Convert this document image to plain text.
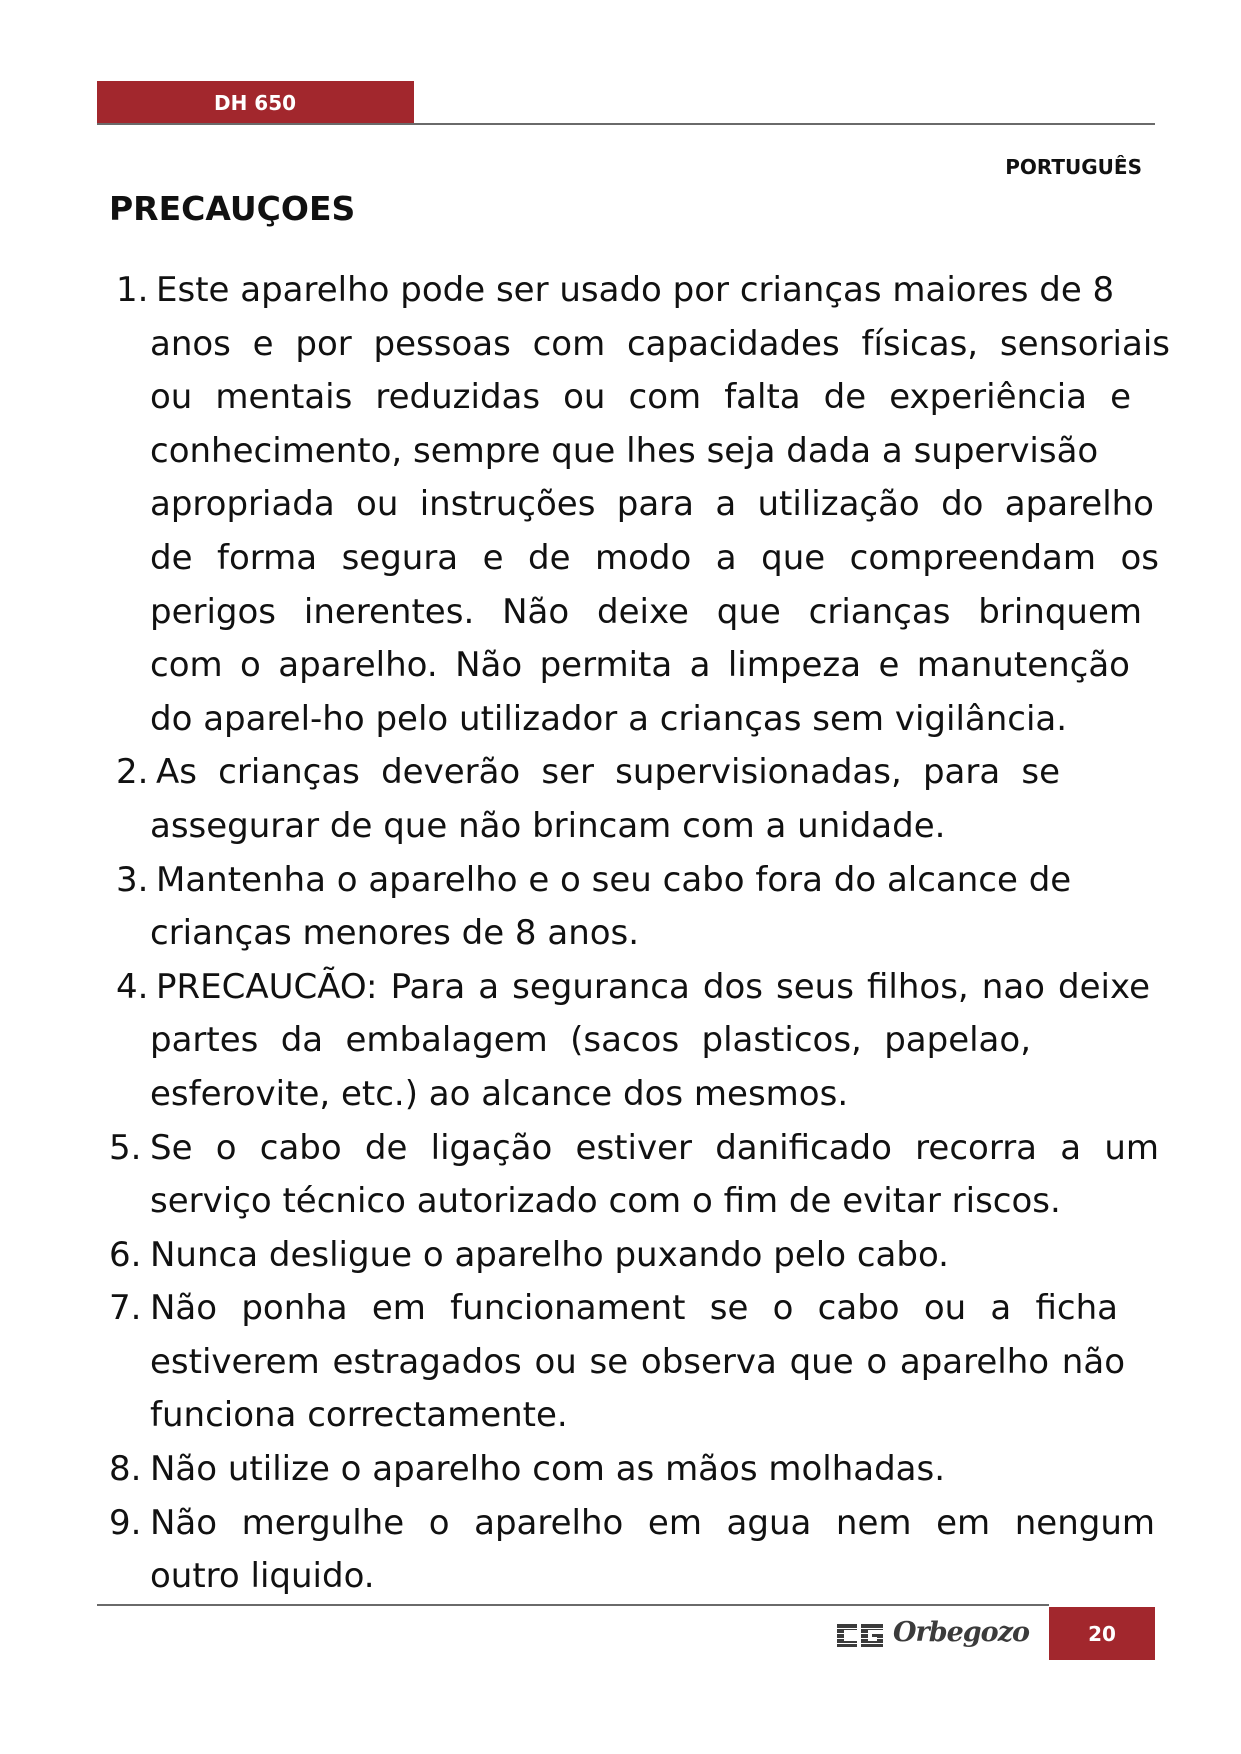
DH 650
PORTUGUÊS
PRECAUÇOES
1. Este aparelho pode ser usado por crianças maiores de 8
anos e por pessoas com capacidades físicas, sensoriais
ou mentais reduzidas ou com falta de experiência e
conhecimento, sempre que lhes seja dada a supervisão
apropriada ou instruções para a utilização do aparelho
de forma segura e de modo a que compreendam os
perigos inerentes. Não deixe que crianças brinquem
com o aparelho. Não permita a limpeza e manutenção
do aparel-ho pelo utilizador a crianças sem vigilância.
2. As crianças deverão ser supervisionadas, para se
assegurar de que não brincam com a unidade.
3. Mantenha o aparelho e o seu cabo fora do alcance de
crianças menores de 8 anos.
4. PRECAUCÃO: Para a seguranca dos seus filhos, nao deixe
partes da embalagem (sacos plasticos, papelao,
esferovite, etc.) ao alcance dos mesmos.
5. Se o cabo de ligação estiver danificado recorra a um
serviço técnico autorizado com o fim de evitar riscos.
6. Nunca desligue o aparelho puxando pelo cabo.
7. Não ponha em funcionament se o cabo ou a ficha
estiverem estragados ou se observa que o aparelho não
funciona correctamente.
8. Não utilize o aparelho com as mãos molhadas.
9. Não mergulhe o aparelho em agua nem em nengum
outro liquido.
Orbegozo	20
